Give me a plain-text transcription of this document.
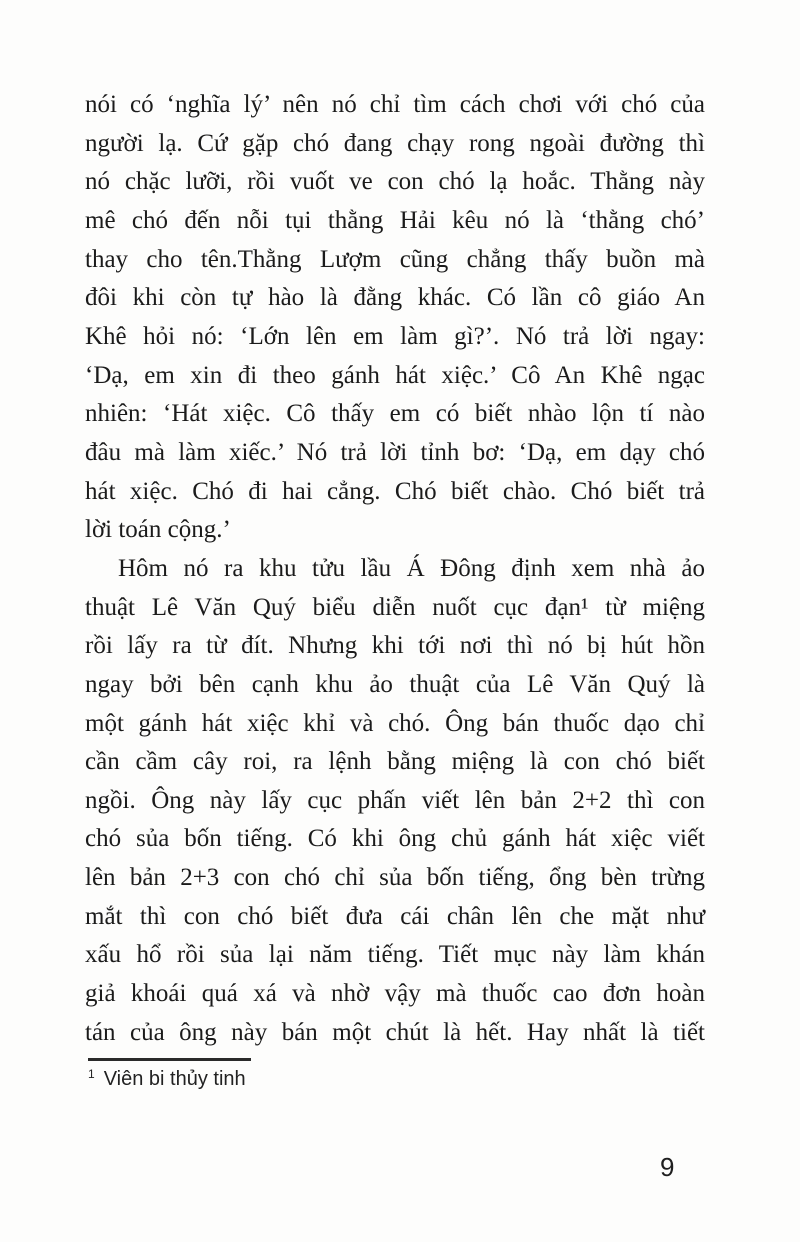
nói có ‘nghĩa lý’ nên nó chỉ tìm cách chơi với chó của
người lạ. Cứ gặp chó đang chạy rong ngoài đường thì
nó chặc lưỡi, rồi vuốt ve con chó lạ hoắc. Thằng này
mê chó đến nỗi tụi thằng Hải kêu nó là ‘thằng chó’
thay cho tên.Thằng Lượm cũng chẳng thấy buồn mà
đôi khi còn tự hào là đằng khác. Có lần cô giáo An
Khê hỏi nó: ‘Lớn lên em làm gì?’. Nó trả lời ngay:
‘Dạ, em xin đi theo gánh hát xiệc.’ Cô An Khê ngạc
nhiên: ‘Hát xiệc. Cô thấy em có biết nhào lộn tí nào
đâu mà làm xiếc.’ Nó trả lời tỉnh bơ: ‘Dạ, em dạy chó
hát xiệc. Chó đi hai cẳng. Chó biết chào. Chó biết trả
lời toán cộng.’
Hôm nó ra khu tửu lầu Á Đông định xem nhà ảo
thuật Lê Văn Quý biểu diễn nuốt cục đạn¹ từ miệng
rồi lấy ra từ đít. Nhưng khi tới nơi thì nó bị hút hồn
ngay bởi bên cạnh khu ảo thuật của Lê Văn Quý là
một gánh hát xiệc khỉ và chó. Ông bán thuốc dạo chỉ
cần cầm cây roi, ra lệnh bằng miệng là con chó biết
ngồi. Ông này lấy cục phấn viết lên bản 2+2 thì con
chó sủa bốn tiếng. Có khi ông chủ gánh hát xiệc viết
lên bản 2+3 con chó chỉ sủa bốn tiếng, ổng bèn trừng
mắt thì con chó biết đưa cái chân lên che mặt như
xấu hổ rồi sủa lại năm tiếng. Tiết mục này làm khán
giả khoái quá xá và nhờ vậy mà thuốc cao đơn hoàn
tán của ông này bán một chút là hết. Hay nhất là tiết
$^1$ Viên bi thủy tinh
9
